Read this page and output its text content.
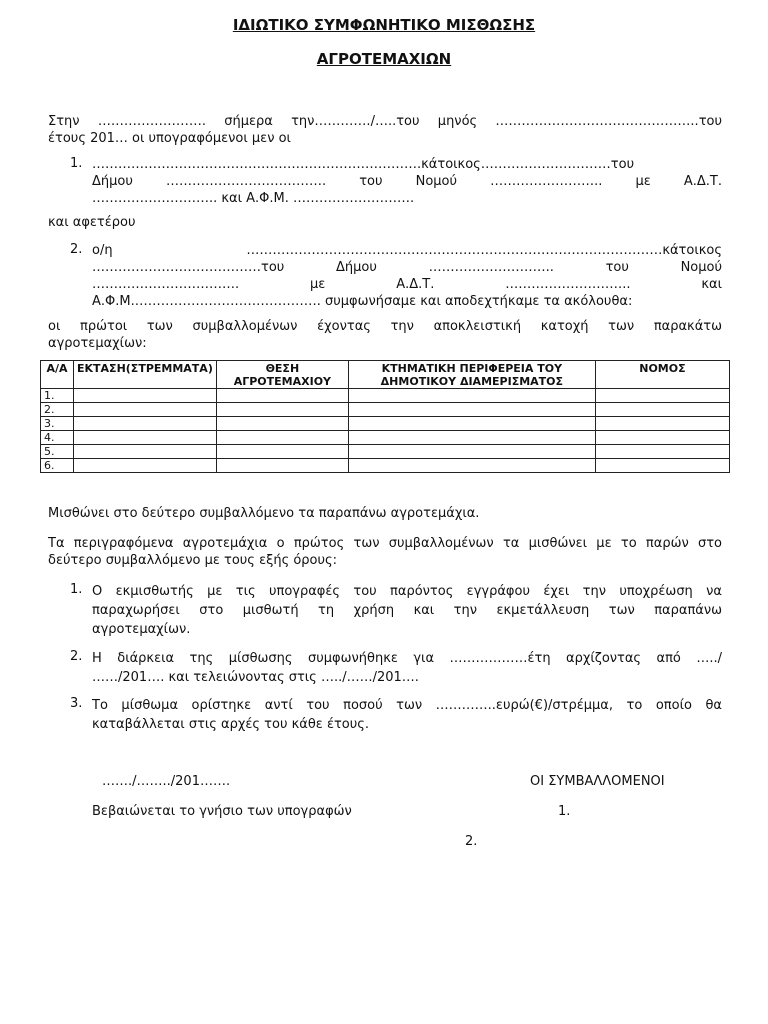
ΙΔΙΩΤΙΚΟ ΣΥΜΦΩΝΗΤΙΚΟ ΜΙΣΘΩΣΗΣ
ΑΓΡΟΤΕΜΑΧΙΩΝ
Στην ……………………. σήμερα την…………./…..του μηνός ………………………………………..του
έτους 201… οι υπογραφόμενοι μεν οι
1. ………………………………………………………………….κάτοικος…………………………του
Δήμου ………………………………. του Νομού …………………….. με Α.Δ.Τ.
……………………….. και Α.Φ.Μ. ……………………….
και αφετέρου
2. ο/η ……………………………………………………………………………………κάτοικος
…………………………………του Δήμου ……………………….. του Νομού
……………………………. με Α.Δ.Τ. ……………………….. και
Α.Φ.Μ.……………………………………. συμφωνήσαμε και αποδεχτήκαμε τα ακόλουθα:
οι πρώτοι των συμβαλλομένων έχοντας την αποκλειστική κατοχή των παρακάτω
αγροτεμαχίων:
Α/Α	ΕΚΤΑΣΗ(ΣΤΡΕΜΜΑΤΑ)	ΘΕΣΗ ΑΓΡΟΤΕΜΑΧΙΟΥ	ΚΤΗΜΑΤΙΚΗ ΠΕΡΙΦΕΡΕΙΑ ΤΟΥ ΔΗΜΟΤΙΚΟΥ ΔΙΑΜΕΡΙΣΜΑΤΟΣ	ΝΟΜΟΣ
1.				
2.				
3.				
4.				
5.				
6.				
Μισθώνει στο δεύτερο συμβαλλόμενο τα παραπάνω αγροτεμάχια.
Τα περιγραφόμενα αγροτεμάχια ο πρώτος των συμβαλλομένων τα μισθώνει με το παρών στο
δεύτερο συμβαλλόμενο με τους εξής όρους:
1. Ο εκμισθωτής με τις υπογραφές του παρόντος εγγράφου έχει την υποχρέωση να
παραχωρήσει στο μισθωτή τη χρήση και την εκμετάλλευση των παραπάνω
αγροτεμαχίων.
2. Η διάρκεια της μίσθωσης συμφωνήθηκε για ………………έτη αρχίζοντας από …../
……/201…. και τελειώνοντας στις …../……/201….
3. Το μίσθωμα ορίστηκε αντί του ποσού των …………..ευρώ(€)/στρέμμα, το οποίο θα
καταβάλλεται στις αρχές του κάθε έτους.
……./……../201…….	ΟΙ ΣΥΜΒΑΛΛΟΜΕΝΟΙ
Βεβαιώνεται το γνήσιο των υπογραφών	1.
2.
